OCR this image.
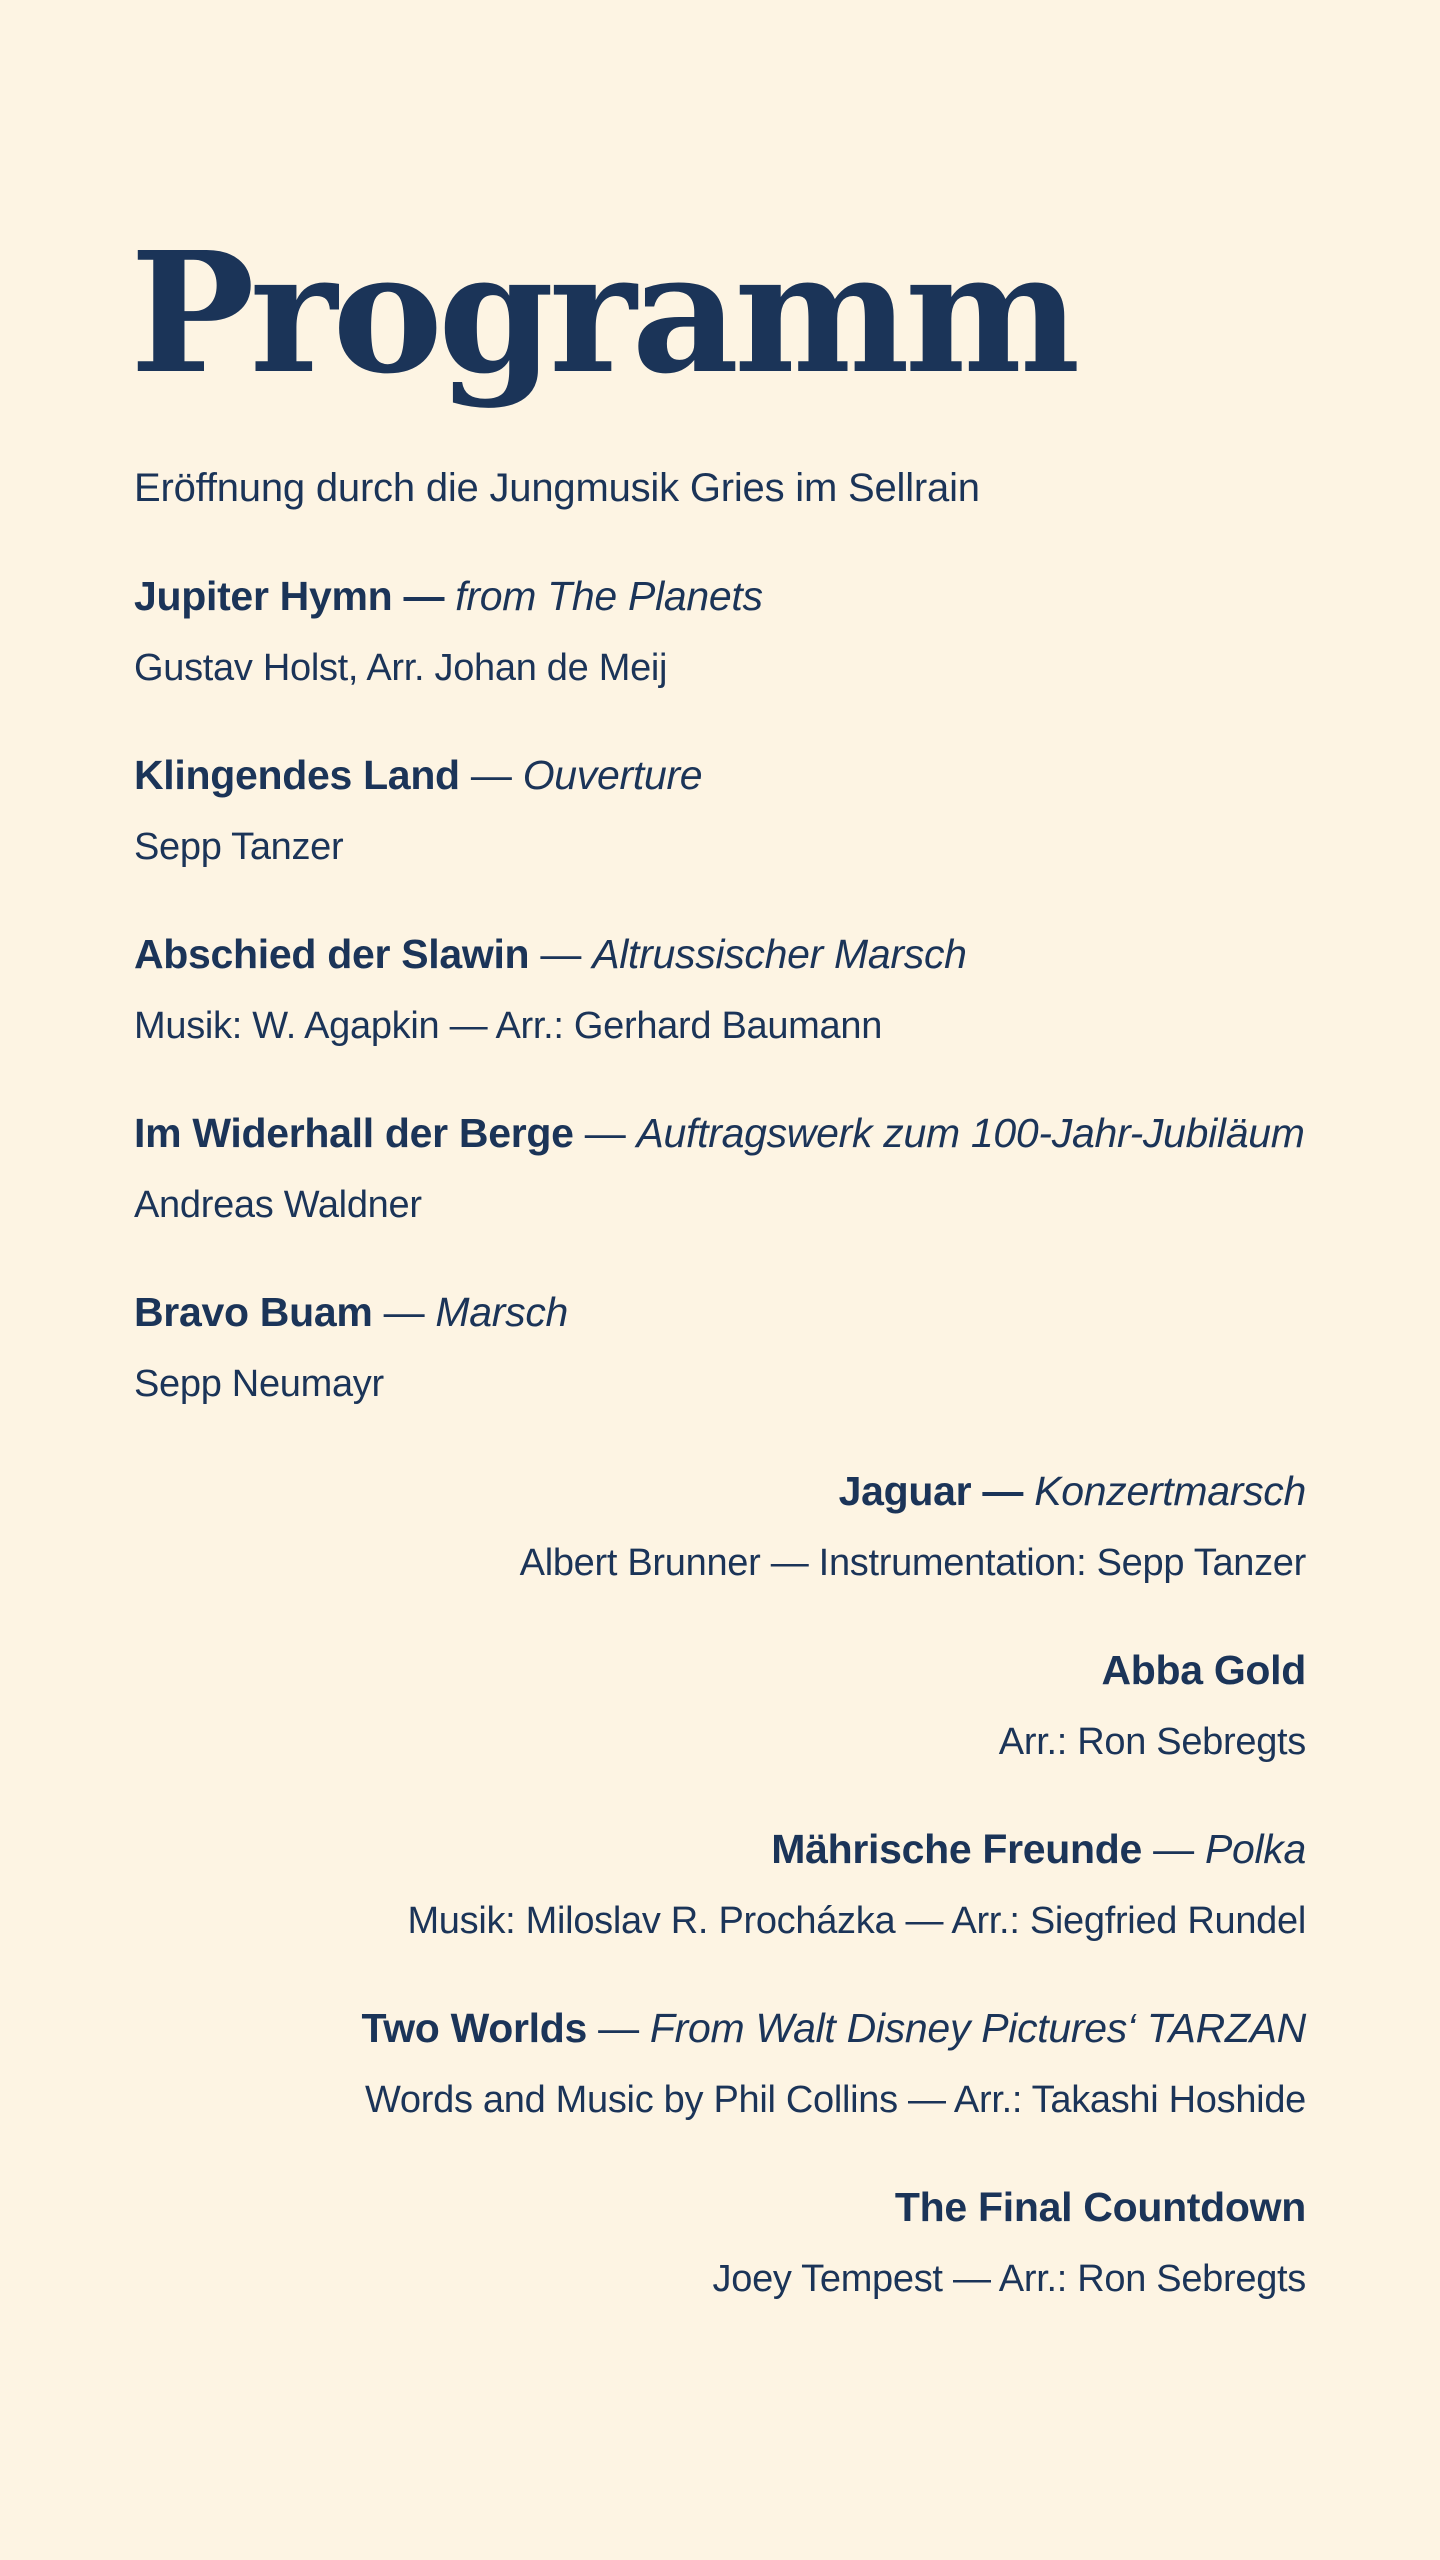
Programm
Eröffnung durch die Jungmusik Gries im Sellrain
Jupiter Hymn — from The Planets
Gustav Holst, Arr. Johan de Meij
Klingendes Land — Ouverture
Sepp Tanzer
Abschied der Slawin — Altrussischer Marsch
Musik: W. Agapkin — Arr.: Gerhard Baumann
Im Widerhall der Berge — Auftragswerk zum 100-Jahr-Jubiläum
Andreas Waldner
Bravo Buam — Marsch
Sepp Neumayr
Jaguar — Konzertmarsch
Albert Brunner — Instrumentation: Sepp Tanzer
Abba Gold
Arr.: Ron Sebregts
Mährische Freunde — Polka
Musik: Miloslav R. Procházka — Arr.: Siegfried Rundel
Two Worlds — From Walt Disney Pictures‘ TARZAN
Words and Music by Phil Collins — Arr.: Takashi Hoshide
The Final Countdown
Joey Tempest — Arr.: Ron Sebregts
